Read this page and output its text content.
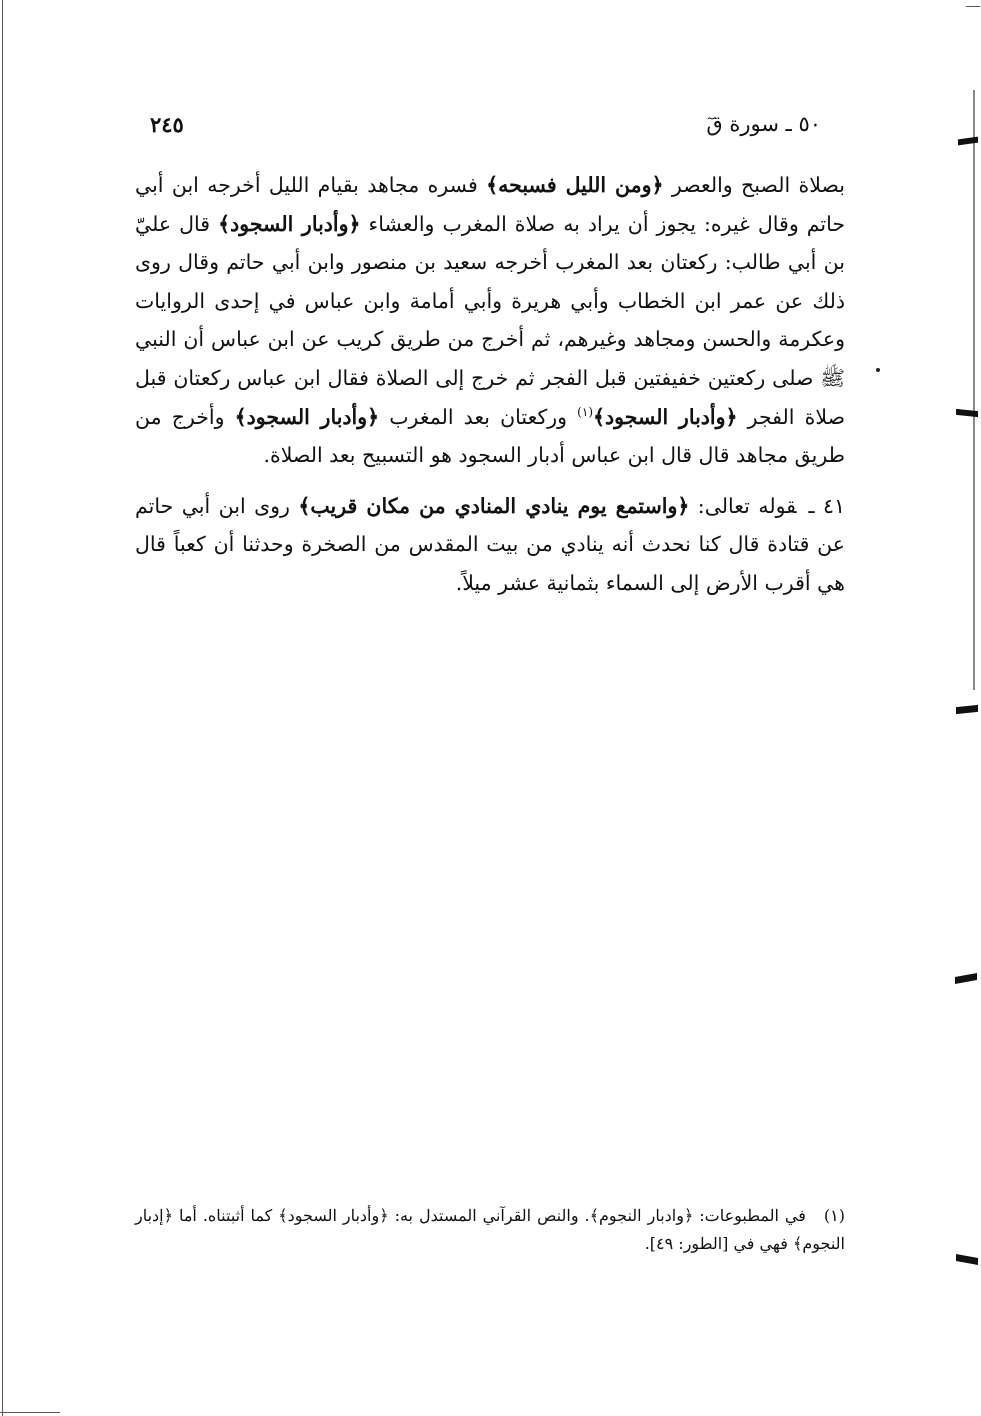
٥٠ ـ سورة قٓ
٢٤٥

بصلاة الصبح والعصر ﴿ومن الليل فسبحه﴾ فسره مجاهد بقيام الليل أخرجه ابن أبي حاتم وقال غيره: يجوز أن يراد به صلاة المغرب والعشاء ﴿وأدبار السجود﴾ قال عليّ بن أبي طالب: ركعتان بعد المغرب أخرجه سعيد بن منصور وابن أبي حاتم وقال روى ذلك عن عمر ابن الخطاب وأبي هريرة وأبي أمامة وابن عباس في إحدى الروايات وعكرمة والحسن ومجاهد وغيرهم، ثم أخرج من طريق كريب عن ابن عباس أن النبي ﷺ صلى ركعتين خفيفتين قبل الفجر ثم خرج إلى الصلاة فقال ابن عباس ركعتان قبل صلاة الفجر ﴿وأدبار السجود﴾$^{(١)}$ وركعتان بعد المغرب ﴿وأدبار السجود﴾ وأخرج من طريق مجاهد قال قال ابن عباس أدبار السجود هو التسبيح بعد الصلاة.

٤١ ـقوله تعالى: ﴿واستمع يوم ينادي المنادي من مكان قريب﴾ روى ابن أبي حاتم عن قتادة قال كنا نحدث أنه ينادي من بيت المقدس من الصخرة وحدثنا أن كعباً قال هي أقرب الأرض إلى السماء بثمانية عشر ميلاً.

(١)في المطبوعات: ﴿وادبار النجوم﴾. والنص القرآني المستدل به: ﴿وأدبار السجود﴾ كما أثبتناه. أما ﴿إدبار النجوم﴾ فهي في [الطور: ٤٩].
